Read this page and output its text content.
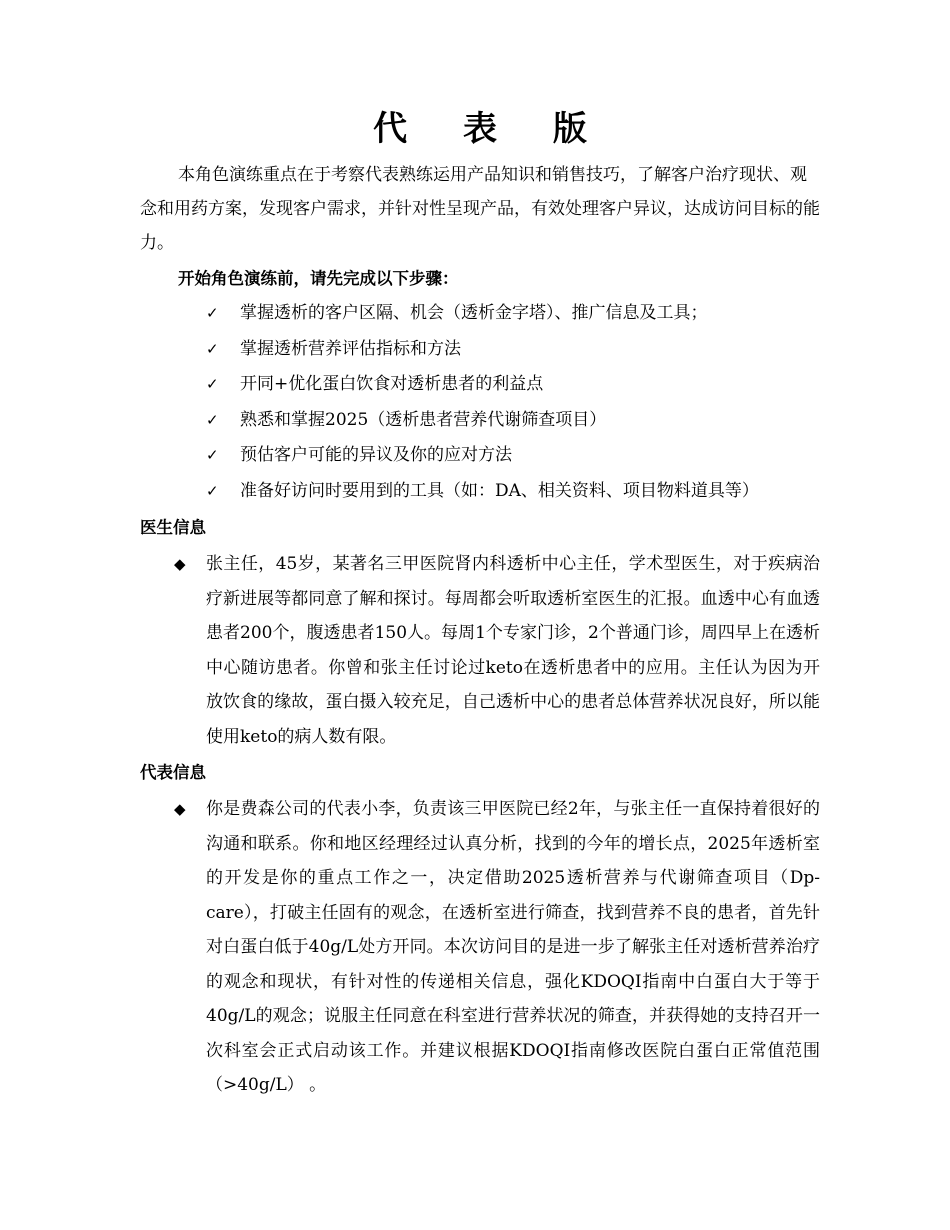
代 表 版

本角色演练重点在于考察代表熟练运用产品知识和销售技巧，了解客户治疗现状、观念和用药方案，发现客户需求，并针对性呈现产品，有效处理客户异议，达成访问目标的能力。

开始角色演练前，请先完成以下步骤：

✓	掌握透析的客户区隔、机会（透析金字塔）、推广信息及工具；
✓	掌握透析营养评估指标和方法
✓	开同+优化蛋白饮食对透析患者的利益点
✓	熟悉和掌握2025（透析患者营养代谢筛查项目）
✓	预估客户可能的异议及你的应对方法
✓	准备好访问时要用到的工具（如：DA、相关资料、项目物料道具等）

医生信息

◆	张主任，45岁，某著名三甲医院肾内科透析中心主任，学术型医生，对于疾病治疗新进展等都同意了解和探讨。每周都会听取透析室医生的汇报。血透中心有血透患者200个，腹透患者150人。每周1个专家门诊，2个普通门诊，周四早上在透析中心随访患者。你曾和张主任讨论过keto在透析患者中的应用。主任认为因为开放饮食的缘故，蛋白摄入较充足，自己透析中心的患者总体营养状况良好，所以能使用keto的病人数有限。

代表信息

◆	你是费森公司的代表小李，负责该三甲医院已经2年，与张主任一直保持着很好的沟通和联系。你和地区经理经过认真分析，找到的今年的增长点，2025年透析室的开发是你的重点工作之一，决定借助2025透析营养与代谢筛查项目（Dp-care），打破主任固有的观念，在透析室进行筛查，找到营养不良的患者，首先针对白蛋白低于40g/L处方开同。本次访问目的是进一步了解张主任对透析营养治疗的观念和现状，有针对性的传递相关信息，强化KDOQI指南中白蛋白大于等于40g/L的观念；说服主任同意在科室进行营养状况的筛查，并获得她的支持召开一次科室会正式启动该工作。并建议根据KDOQI指南修改医院白蛋白正常值范围（>40g/L） 。
